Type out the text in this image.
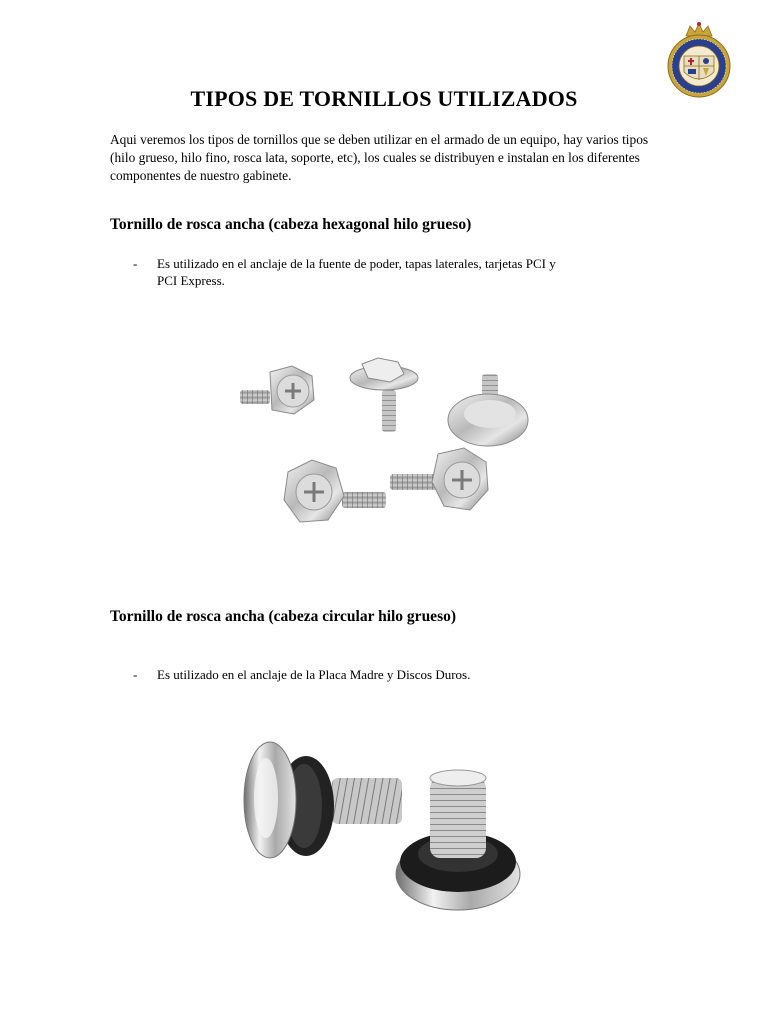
TIPOS DE TORNILLOS UTILIZADOS
Aqui veremos los tipos de tornillos que se deben utilizar en el armado de un equipo, hay varios tipos (hilo grueso, hilo fino, rosca lata, soporte, etc), los cuales se distribuyen e instalan en los diferentes componentes de nuestro gabinete.
Tornillo de rosca ancha (cabeza hexagonal hilo grueso)
- Es utilizado en el anclaje de la fuente de poder, tapas laterales, tarjetas PCI y
PCI Express.
Tornillo de rosca ancha (cabeza circular hilo grueso)
- Es utilizado en el anclaje de la Placa Madre y Discos Duros.
